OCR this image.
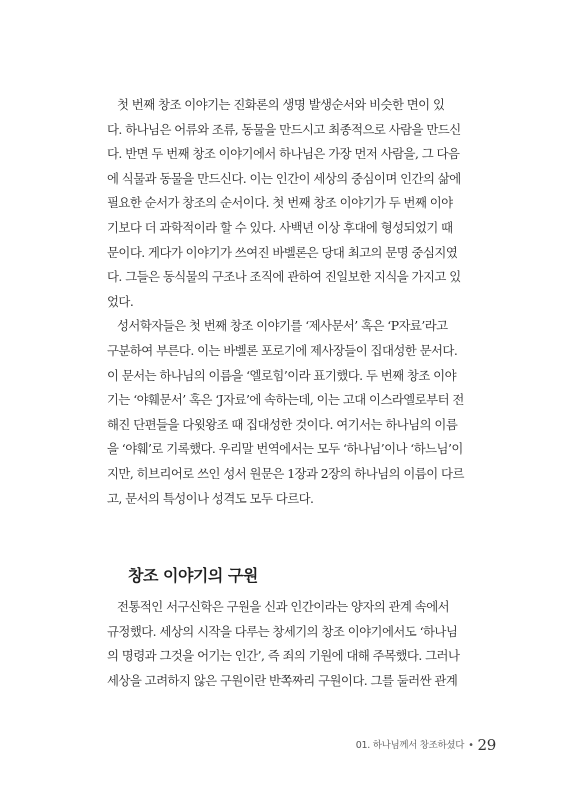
첫 번째 창조 이야기는 진화론의 생명 발생순서와 비슷한 면이 있

다. 하나님은 어류와 조류, 동물을 만드시고 최종적으로 사람을 만드신

다. 반면 두 번째 창조 이야기에서 하나님은 가장 먼저 사람을, 그 다음

에 식물과 동물을 만드신다. 이는 인간이 세상의 중심이며 인간의 삶에

필요한 순서가 창조의 순서이다. 첫 번째 창조 이야기가 두 번째 이야

기보다 더 과학적이라 할 수 있다. 사백년 이상 후대에 형성되었기 때

문이다. 게다가 이야기가 쓰여진 바벨론은 당대 최고의 문명 중심지였

다. 그들은 동식물의 구조나 조직에 관하여 진일보한 지식을 가지고 있

었다.

성서학자들은 첫 번째 창조 이야기를 ‘제사문서’ 혹은 ‘P자료’라고

구분하여 부른다. 이는 바벨론 포로기에 제사장들이 집대성한 문서다.

이 문서는 하나님의 이름을 ‘엘로힘’이라 표기했다. 두 번째 창조 이야

기는 ‘야훼문서’ 혹은 ‘J자료’에 속하는데, 이는 고대 이스라엘로부터 전

해진 단편들을 다윗왕조 때 집대성한 것이다. 여기서는 하나님의 이름

을 ‘야훼’로 기록했다. 우리말 번역에서는 모두 ‘하나님’이나 ‘하느님’이

지만, 히브리어로 쓰인 성서 원문은 1장과 2장의 하나님의 이름이 다르

고, 문서의 특성이나 성격도 모두 다르다.

창조 이야기의 구원

전통적인 서구신학은 구원을 신과 인간이라는 양자의 관계 속에서

규정했다. 세상의 시작을 다루는 창세기의 창조 이야기에서도 ‘하나님

의 명령과 그것을 어기는 인간’, 즉 죄의 기원에 대해 주목했다. 그러나

세상을 고려하지 않은 구원이란 반쪽짜리 구원이다. 그를 둘러싼 관계

01. 하나님께서 창조하셨다 • 29
